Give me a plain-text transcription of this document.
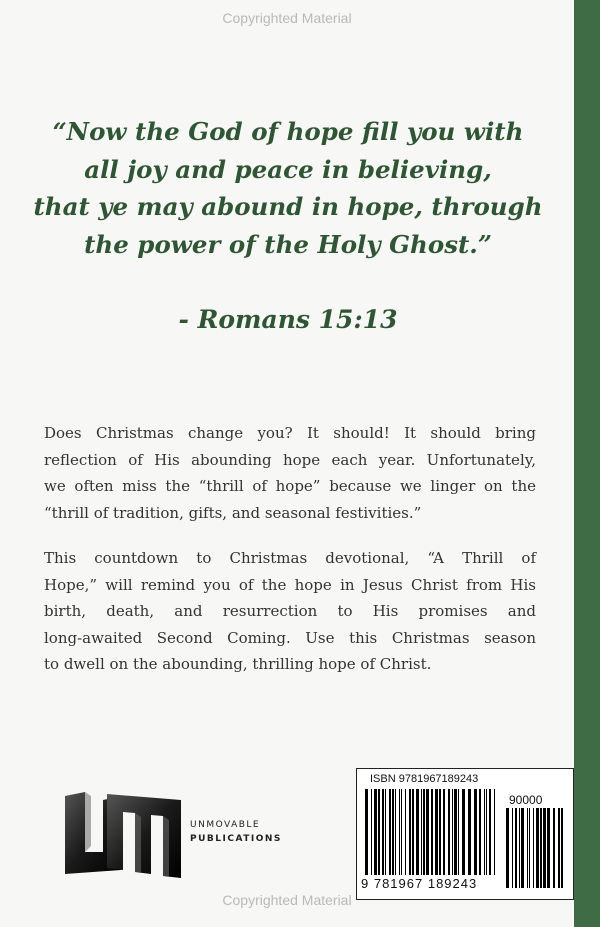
Copyrighted Material
“Now the God of hope fill you with
all joy and peace in believing,
that ye may abound in hope, through
the power of the Holy Ghost.”
- Romans 15:13
Does Christmas change you? It should! It should bring
reflection of His abounding hope each year. Unfortunately,
we often miss the “thrill of hope” because we linger on the
“thrill of tradition, gifts, and seasonal festivities.”
This countdown to Christmas devotional, “A Thrill of
Hope,” will remind you of the hope in Jesus Christ from His
birth, death, and resurrection to His promises and
long-awaited Second Coming. Use this Christmas season
to dwell on the abounding, thrilling hope of Christ.
UNMOVABLE
PUBLICATIONS
ISBN 9781967189243
9 781967 189243
90000
Copyrighted Material
